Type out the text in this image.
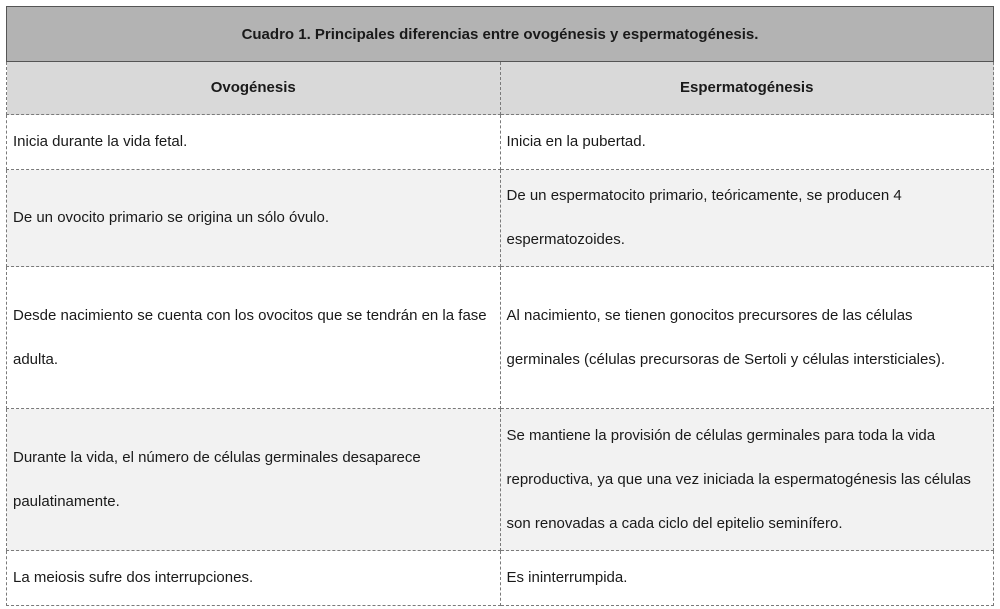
Cuadro 1. Principales diferencias entre ovogénesis y espermatogénesis.	
Ovogénesis	Espermatogénesis
Inicia durante la vida fetal.	Inicia en la pubertad.
De un ovocito primario se origina un sólo óvulo.	De un espermatocito primario, teóricamente, se producen 4 espermatozoides.
Desde nacimiento se cuenta con los ovocitos que se tendrán en la fase adulta.	Al nacimiento, se tienen gonocitos precursores de las células germinales (células precursoras de Sertoli y células intersticiales).
Durante la vida, el número de células germinales desaparece paulatinamente.	Se mantiene la provisión de células germinales para toda la vida reproductiva, ya que una vez iniciada la espermatogénesis las células son renovadas a cada ciclo del epitelio seminífero.
La meiosis sufre dos interrupciones.	Es ininterrumpida.
